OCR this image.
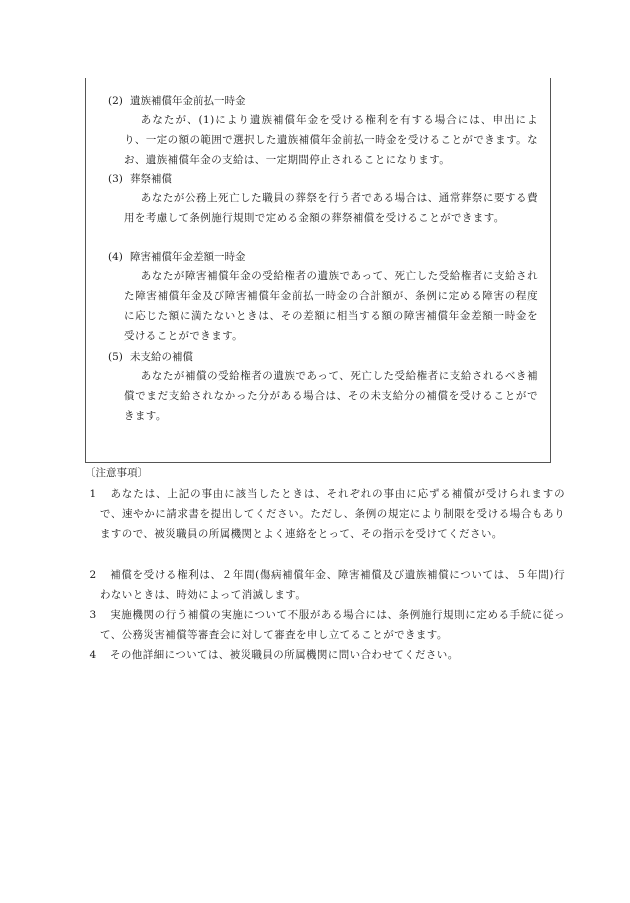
(2) 遺族補償年金前払一時金
あなたが、(1)により遺族補償年金を受ける権利を有する場合には、申出により、一定の額の範囲で選択した遺族補償年金前払一時金を受けることができます。なお、遺族補償年金の支給は、一定期間停止されることになります。
(3) 葬祭補償
あなたが公務上死亡した職員の葬祭を行う者である場合は、通常葬祭に要する費用を考慮して条例施行規則で定める金額の葬祭補償を受けることができます。
(4) 障害補償年金差額一時金
あなたが障害補償年金の受給権者の遺族であって、死亡した受給権者に支給された障害補償年金及び障害補償年金前払一時金の合計額が、条例に定める障害の程度に応じた額に満たないときは、その差額に相当する額の障害補償年金差額一時金を受けることができます。
(5) 未支給の補償
あなたが補償の受給権者の遺族であって、死亡した受給権者に支給されるべき補償でまだ支給されなかった分がある場合は、その未支給分の補償を受けることができます。
〔注意事項〕
1 あなたは、上記の事由に該当したときは、それぞれの事由に応ずる補償が受けられますので、速やかに請求書を提出してください。ただし、条例の規定により制限を受ける場合もありますので、被災職員の所属機関とよく連絡をとって、その指示を受けてください。
2 補償を受ける権利は、２年間(傷病補償年金、障害補償及び遺族補償については、５年間)行わないときは、時効によって消滅します。
3 実施機関の行う補償の実施について不服がある場合には、条例施行規則に定める手続に従って、公務災害補償等審査会に対して審査を申し立てることができます。
4 その他詳細については、被災職員の所属機関に問い合わせてください。
